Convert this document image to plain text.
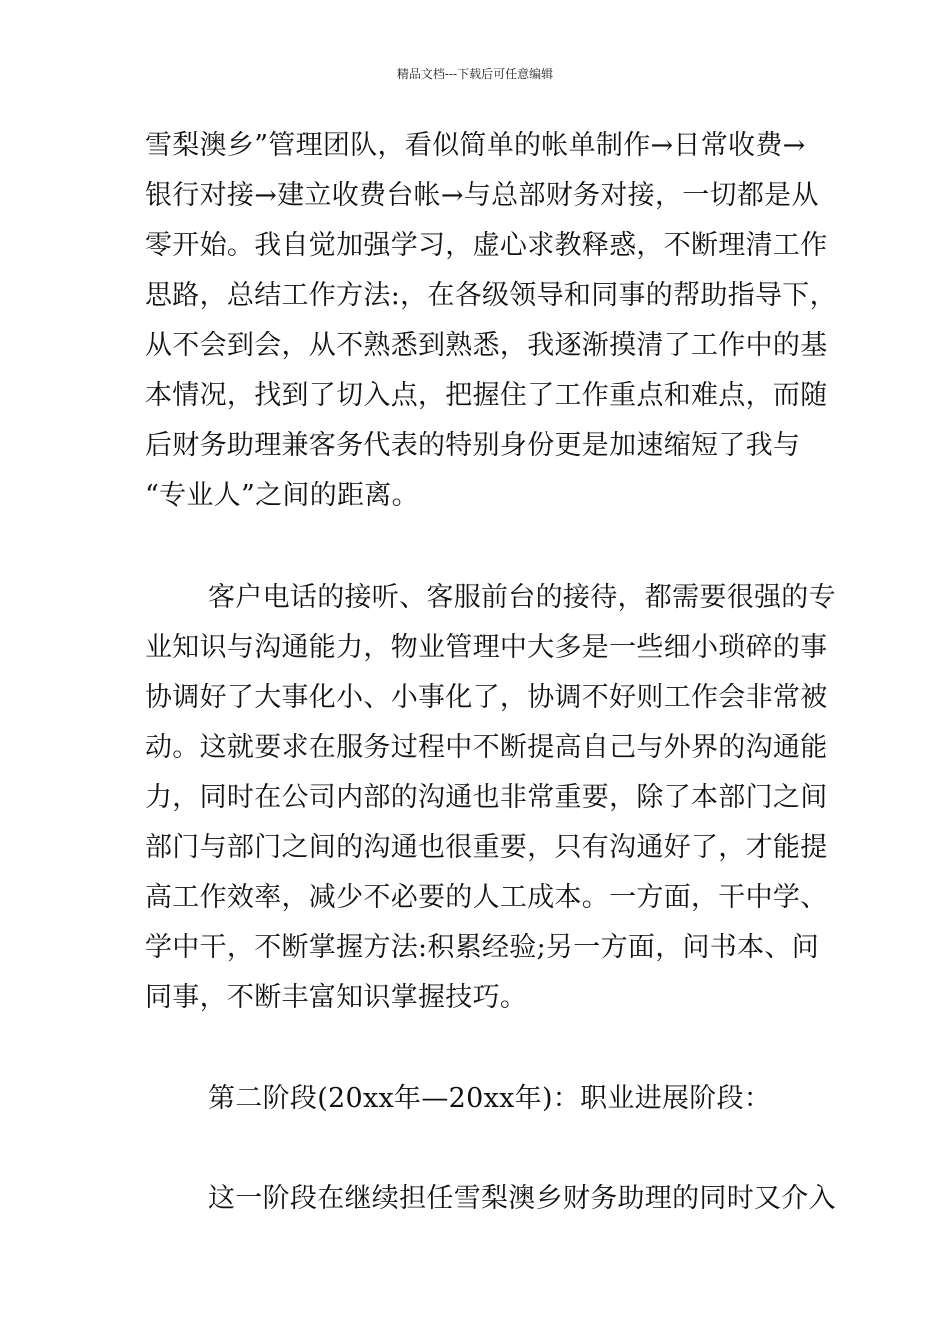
精品文档---下载后可任意编辑
雪梨澳乡”管理团队，看似简单的帐单制作→日常收费→
银行对接→建立收费台帐→与总部财务对接，一切都是从
零开始。我自觉加强学习，虚心求教释惑，不断理清工作
思路，总结工作方法:，在各级领导和同事的帮助指导下，
从不会到会，从不熟悉到熟悉，我逐渐摸清了工作中的基
本情况，找到了切入点，把握住了工作重点和难点，而随
后财务助理兼客务代表的特别身份更是加速缩短了我与
“专业人”之间的距离。
客户电话的接听、客服前台的接待，都需要很强的专
业知识与沟通能力，物业管理中大多是一些细小琐碎的事
协调好了大事化小、小事化了，协调不好则工作会非常被
动。这就要求在服务过程中不断提高自己与外界的沟通能
力，同时在公司内部的沟通也非常重要，除了本部门之间
部门与部门之间的沟通也很重要，只有沟通好了，才能提
高工作效率，减少不必要的人工成本。一方面，干中学、
学中干，不断掌握方法:积累经验;另一方面，问书本、问
同事，不断丰富知识掌握技巧。
第二阶段(20xx年—20xx年)：职业进展阶段：
这一阶段在继续担任雪梨澳乡财务助理的同时又介入
